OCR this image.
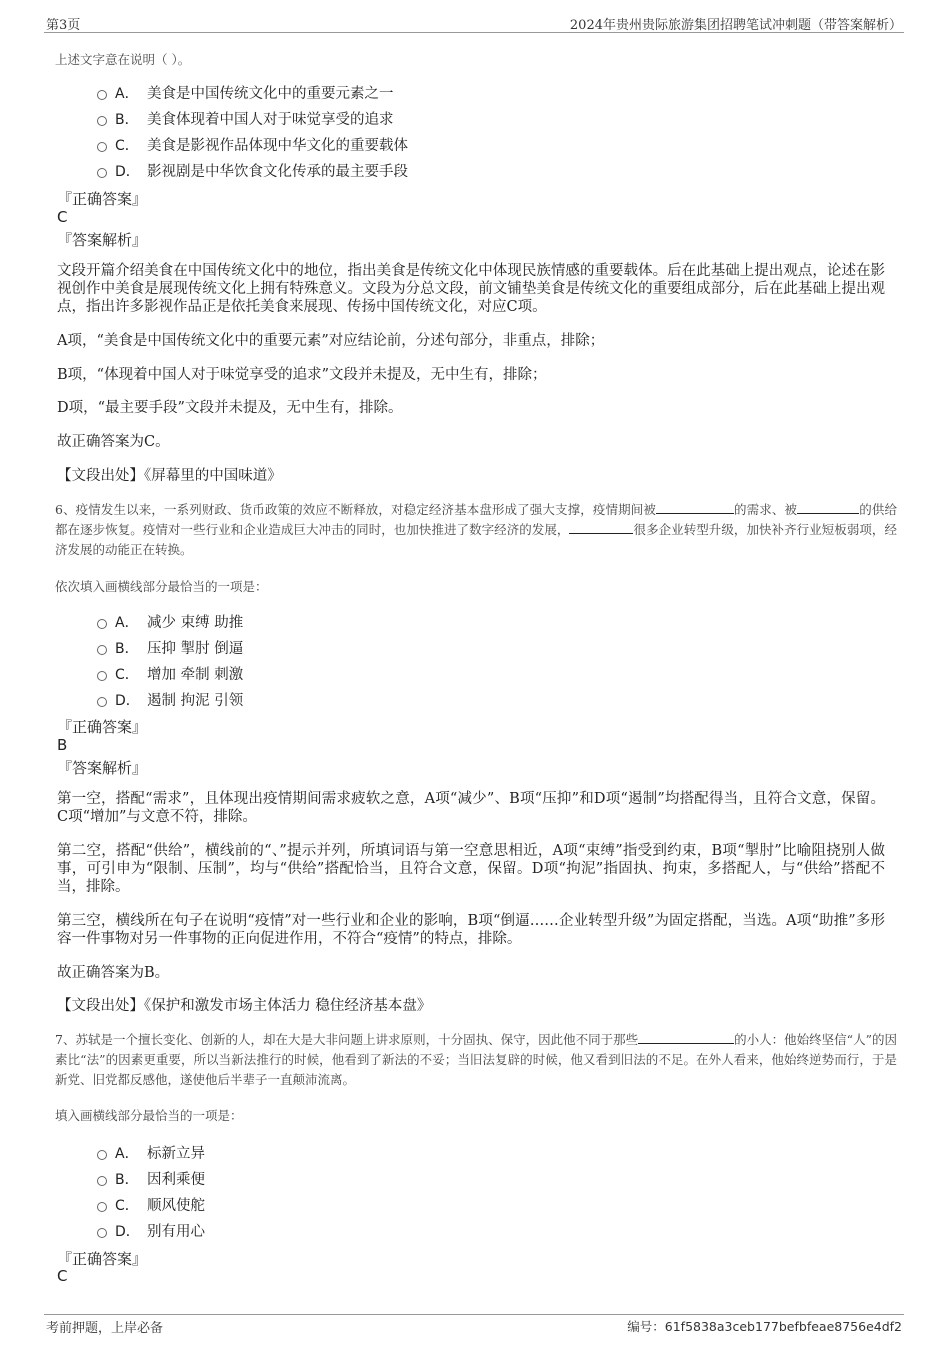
第3页	2024年贵州贵际旅游集团招聘笔试冲刺题（带答案解析）
上述文字意在说明（ ）。
A． 美食是中国传统文化中的重要元素之一
B． 美食体现着中国人对于味觉享受的追求
C． 美食是影视作品体现中华文化的重要载体
D． 影视剧是中华饮食文化传承的最主要手段
『正确答案』
C
『答案解析』
文段开篇介绍美食在中国传统文化中的地位，指出美食是传统文化中体现民族情感的重要载体。后在此基础上提出观点，论述在影视创作中美食是展现传统文化上拥有特殊意义。文段为分总文段，前文铺垫美食是传统文化的重要组成部分，后在此基础上提出观点，指出许多影视作品正是依托美食来展现、传扬中国传统文化，对应C项。
A项，“美食是中国传统文化中的重要元素”对应结论前，分述句部分，非重点，排除；
B项，“体现着中国人对于味觉享受的追求”文段并未提及，无中生有，排除；
D项，“最主要手段”文段并未提及，无中生有，排除。
故正确答案为C。
【文段出处】《屏幕里的中国味道》
6、疫情发生以来，一系列财政、货币政策的效应不断释放，对稳定经济基本盘形成了强大支撑，疫情期间被	的需求、被	的供给都在逐步恢复。疫情对一些行业和企业造成巨大冲击的同时，也加快推进了数字经济的发展，	很多企业转型升级，加快补齐行业短板弱项，经济发展的动能正在转换。
依次填入画横线部分最恰当的一项是：
A． 减少 束缚 助推
B． 压抑 掣肘 倒逼
C． 增加 牵制 刺激
D． 遏制 拘泥 引领
『正确答案』
B
『答案解析』
第一空，搭配“需求”，且体现出疫情期间需求疲软之意，A项“减少”、B项“压抑”和D项“遏制”均搭配得当，且符合文意，保留。C项“增加”与文意不符，排除。
第二空，搭配“供给”，横线前的“、”提示并列，所填词语与第一空意思相近，A项“束缚”指受到约束，B项“掣肘”比喻阻挠别人做事，可引申为“限制、压制”，均与“供给”搭配恰当，且符合文意，保留。D项“拘泥”指固执、拘束，多搭配人，与“供给”搭配不当，排除。
第三空，横线所在句子在说明“疫情”对一些行业和企业的影响，B项“倒逼……企业转型升级”为固定搭配，当选。A项“助推”多形容一件事物对另一件事物的正向促进作用，不符合“疫情”的特点，排除。
故正确答案为B。
【文段出处】《保护和激发市场主体活力 稳住经济基本盘》
7、苏轼是一个擅长变化、创新的人，却在大是大非问题上讲求原则，十分固执、保守，因此他不同于那些	的小人：他始终坚信“人”的因素比“法”的因素更重要，所以当新法推行的时候，他看到了新法的不妥；当旧法复辟的时候，他又看到旧法的不足。在外人看来，他始终逆势而行，于是新党、旧党都反感他，遂使他后半辈子一直颠沛流离。
填入画横线部分最恰当的一项是：
A． 标新立异
B． 因利乘便
C． 顺风使舵
D． 别有用心
『正确答案』
C
考前押题，上岸必备	编号：61f5838a3ceb177befbfeae8756e4df2
